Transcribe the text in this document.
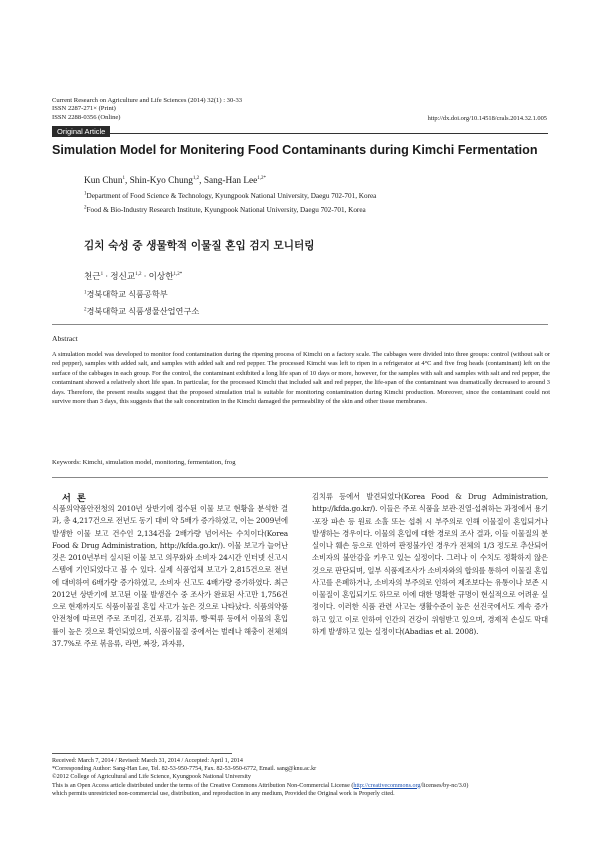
Current Research on Agriculture and Life Sciences (2014) 32(1) : 30-33
ISSN 2287-271× (Print)
ISSN 2288-0356 (Online)	http://dx.doi.org/10.14518/crals.2014.32.1.005
Original Article
Simulation Model for Monitering Food Contaminants during Kimchi Fermentation
Kun Chun$^1$, Shin-Kyo Chung$^{1,2}$, Sang-Han Lee$^{1,2*}$
$^1$Department of Food Science & Technology, Kyungpook National University, Daegu 702-701, Korea
$^2$Food & Bio-Industry Research Institute, Kyungpook National University, Daegu 702-701, Korea
김치 숙성 중 생물학적 이물질 혼입 검지 모니터링
천근$^1$ · 정신교$^{1,2}$ · 이상한$^{1,2*}$
$^1$경북대학교 식품공학부
$^2$경북대학교 식품생물산업연구소
Abstract
A simulation model was developed to monitor food contamination during the ripening process of Kimchi on a factory scale. The cabbages were divided into three groups: control (without salt or red pepper), samples with added salt, and samples with added salt and red pepper. The processed Kimchi was left to ripen in a refrigerator at 4°C and five frog heads (contaminant) left on the surface of the cabbages in each group. For the control, the contaminant exhibited a long life span of 10 days or more, however, for the samples with salt and samples with salt and red pepper, the contaminant showed a relatively short life span. In particular, for the processed Kimchi that included salt and red pepper, the life-span of the contaminant was dramatically decreased to around 3 days. Therefore, the present results suggest that the proposed simulation trial is suitable for monitoring contamination during Kimchi production. Moreover, since the contaminant could not survive more than 3 days, this suggests that the salt concentration in the Kimchi damaged the permeability of the skin and other tissue membranes.
Keywords: Kimchi, simulation model, monitoring, fermentation, frog
서론

식품의약품안전청의 2010년 상반기에 접수된 이물 보고 현황을 분석한 결과, 총 4,217건으로 전년도 동기 대비 약 5배가 증가하였고, 이는 2009년에 발생한 이물 보고 건수인 2,134건을 2배가량 넘어서는 수치이다(Korea Food & Drug Administration, http://kfda.go.kr/). 이물 보고가 늘어난 것은 2010년부터 실시된 이물 보고 의무화와 소비자 24시간 인터넷 신고시스템에 기인되었다고 볼 수 있다. 실제 식품업체 보고가 2,815건으로 전년에 대비하여 6배가량 증가하였고, 소비자 신고도 4배가량 증가하였다. 최근 2012년 상반기에 보고된 이물 발생건수 중 조사가 완료된 사고만 1,756건으로 현재까지도 식품이물질 혼입 사고가 높은 것으로 나타났다. 식품의약품안전청에 따르면 주로 조미김, 건포류, 김치류, 빵·떡류 등에서 이물의 혼입률이 높은 것으로 확인되었으며, 식품이물질 중에서는 벌레나 해충이 전체의 37.7%로 주로 볶음류, 라면, 짜장, 과자류,

김치류 등에서 발견되었다(Korea Food & Drug Administration, http://kfda.go.kr/). 이들은 주로 식품을 보관·진열·섭취하는 과정에서 용기·포장 파손 등 원료 소홀 또는 섭취 시 부주의로 인해 이물질이 혼입되거나 발생하는 경우이다. 이물의 혼입에 대한 경로의 조사 결과, 이들 이물질의 분실이나 훼손 등으로 인하여 판정불가인 경우가 전체의 1/3 정도로 추산되어 소비자의 불안감을 키우고 있는 실정이다. 그러나 이 수치도 정확하지 않은 것으로 판단되며, 일부 식품제조사가 소비자와의 합의를 통하여 이물질 혼입사고를 은폐하거나, 소비자의 부주의로 인하여 제조보다는 유통이나 보존 시 이물질이 혼입되기도 하므로 이에 대한 명확한 규명이 현실적으로 어려운 실정이다. 이러한 식품 관련 사고는 생활수준이 높은 선진국에서도 계속 증가하고 있고 이로 인하여 인간의 건강이 위험받고 있으며, 경제적 손실도 막대하게 발생하고 있는 실정이다(Abadias et al. 2008).

Received: March 7, 2014 / Revised: March 31, 2014 / Accepted: April 1, 2014
*Corresponding Author: Sang-Han Lee, Tel. 82-53-950-7754, Fax. 82-53-950-6772, Email. sang@knu.ac.kr
©2012 College of Agricultural and Life Science, Kyungpook National University
This is an Open Access article distributed under the terms of the Creative Commons Attribution Non-Commercial License (http://creativecommons.org/licenses/by-nc/3.0)
which permits unrestricted non-commercial use, distribution, and reproduction in any medium, Provided the Original work is Properly cited.
